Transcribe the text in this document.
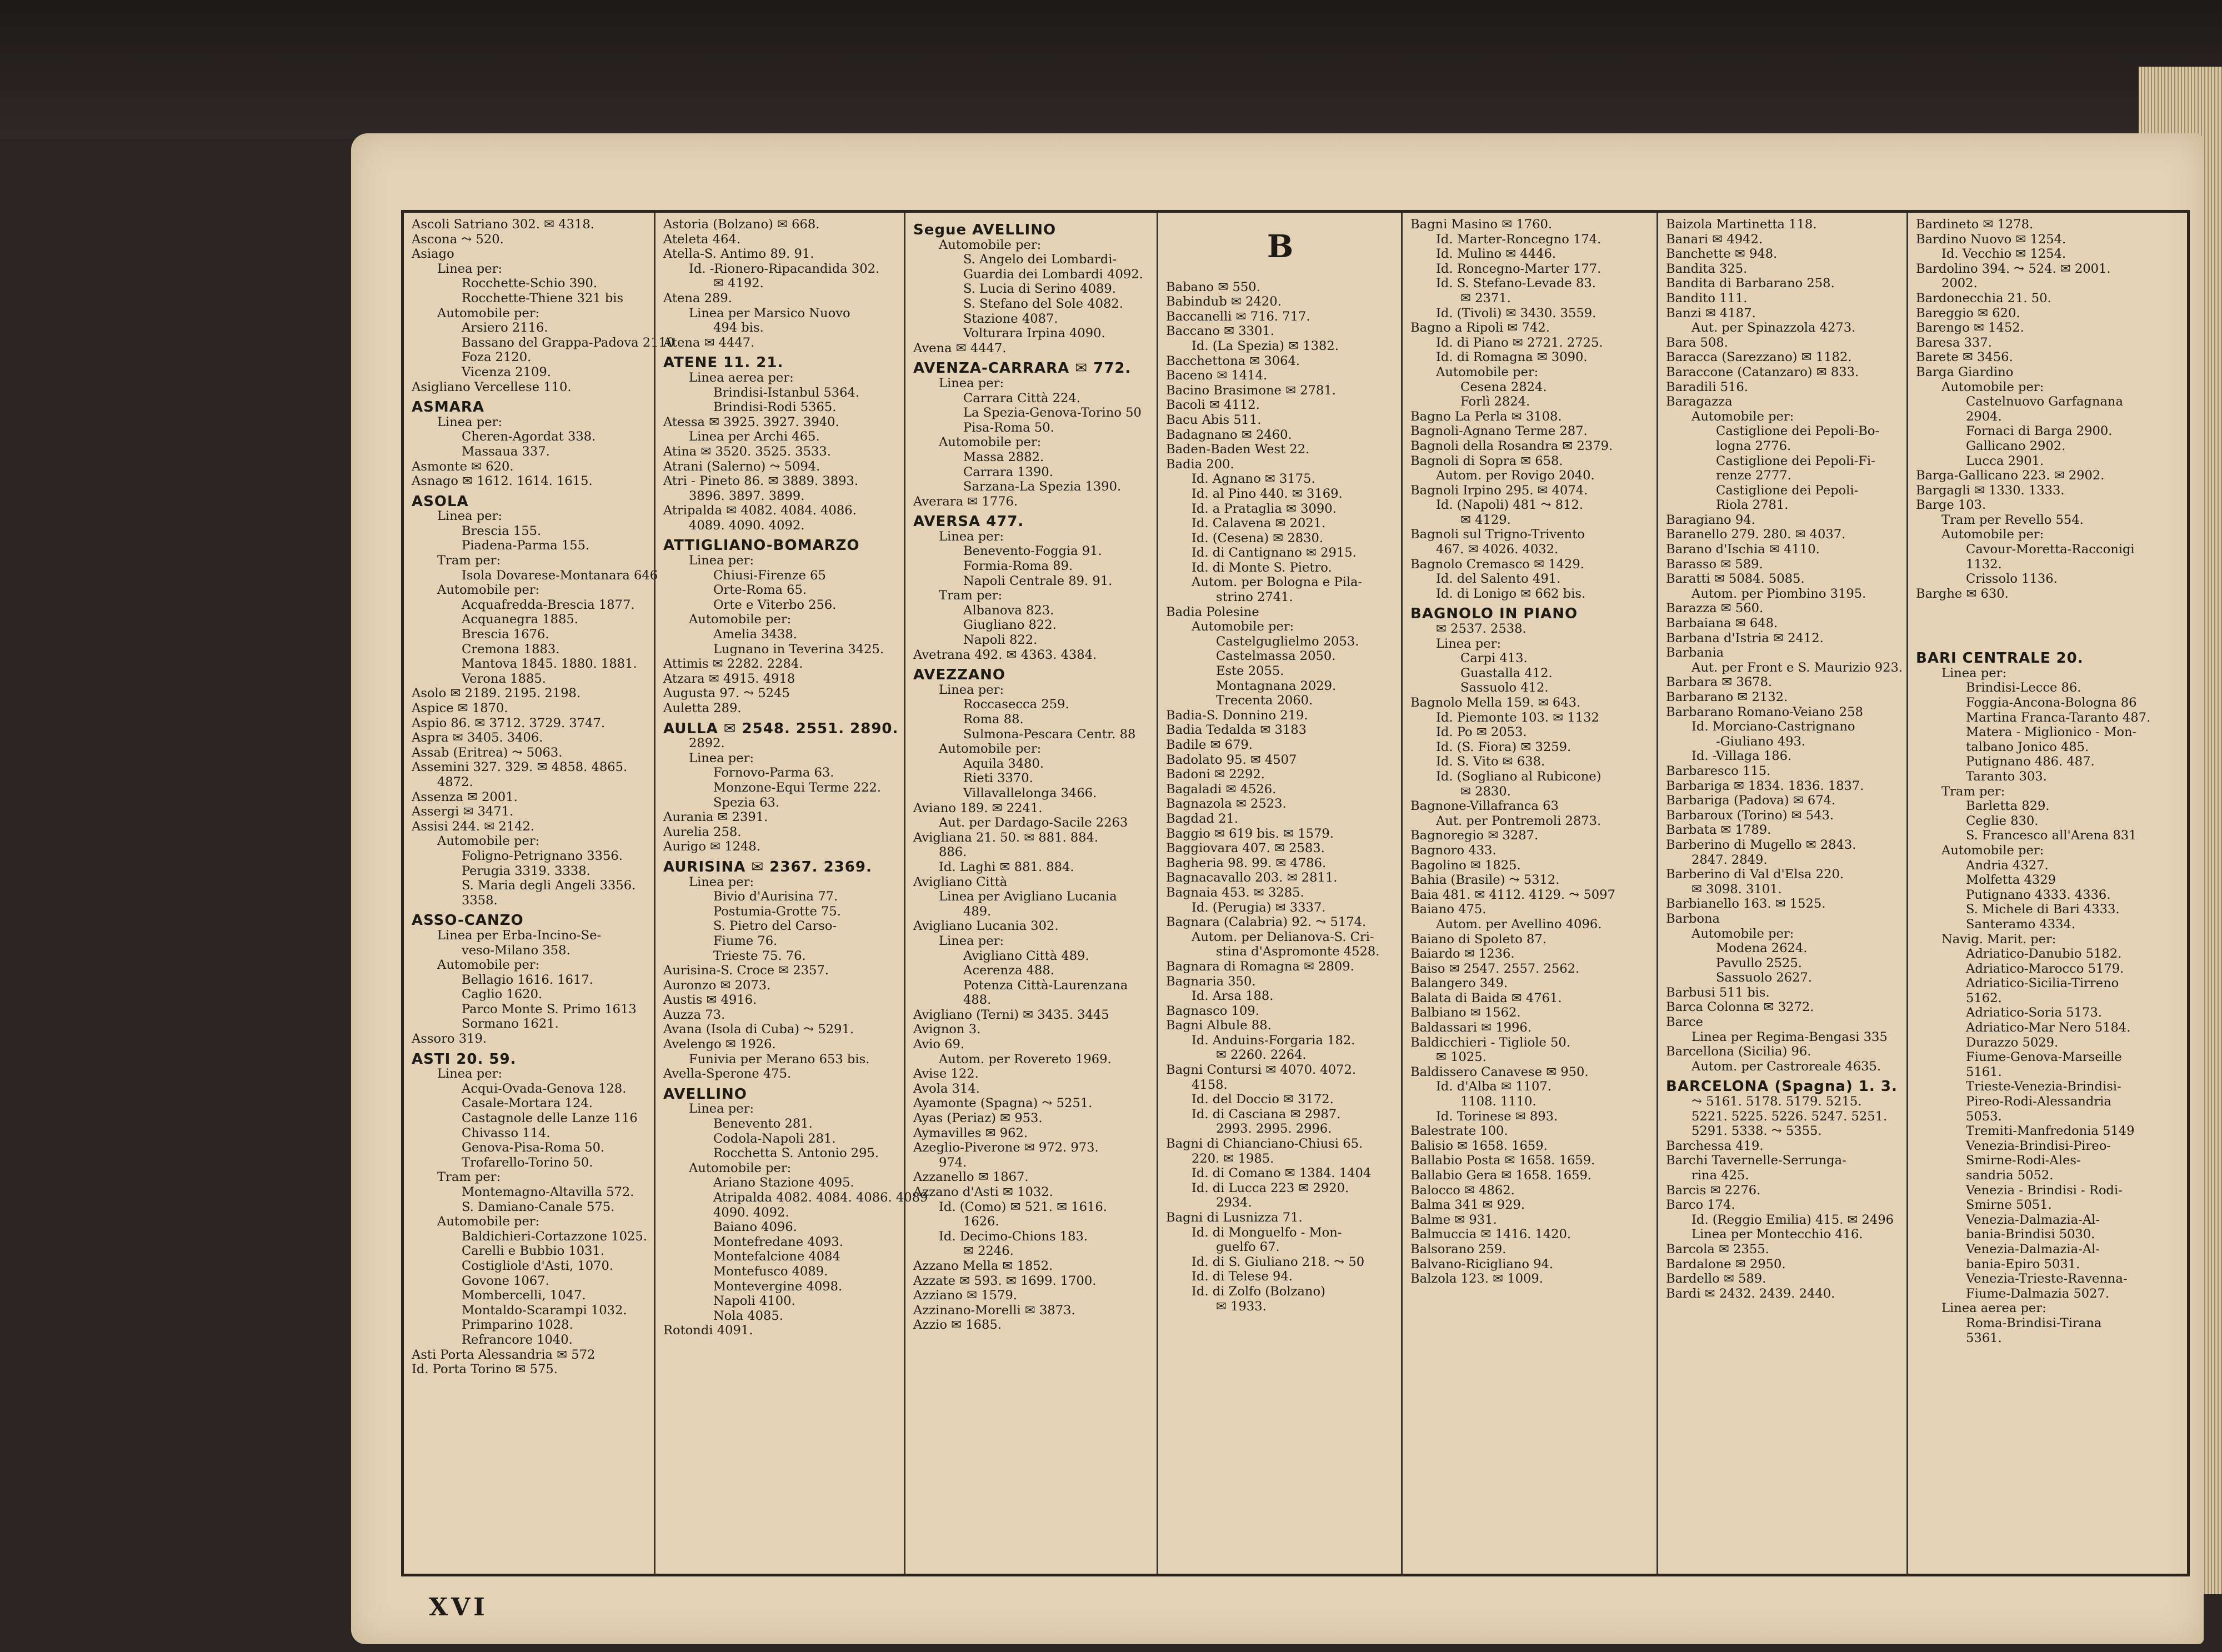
Ascoli Satriano 302. ✉ 4318.
Ascona ⤳ 520.
Asiago
Linea per:
Rocchette-Schio 390.
Rocchette-Thiene 321 bis
Automobile per:
Arsiero 2116.
Bassano del Grappa-Padova 2110
Foza 2120.
Vicenza 2109.
Asigliano Vercellese 110.
ASMARA
Linea per:
Cheren-Agordat 338.
Massaua 337.
Asmonte ✉ 620.
Asnago ✉ 1612. 1614. 1615.
ASOLA
Linea per:
Brescia 155.
Piadena-Parma 155.
Tram per:
Isola Dovarese-Montanara 646
Automobile per:
Acquafredda-Brescia 1877.
Acquanegra 1885.
Brescia 1676.
Cremona 1883.
Mantova 1845. 1880. 1881.
Verona 1885.
Asolo ✉ 2189. 2195. 2198.
Aspice ✉ 1870.
Aspio 86. ✉ 3712. 3729. 3747.
Aspra ✉ 3405. 3406.
Assab (Eritrea) ⤳ 5063.
Assemini 327. 329. ✉ 4858. 4865.
4872.
Assenza ✉ 2001.
Assergi ✉ 3471.
Assisi 244. ✉ 2142.
Automobile per:
Foligno-Petrignano 3356.
Perugia 3319. 3338.
S. Maria degli Angeli 3356.
3358.
ASSO-CANZO
Linea per Erba-Incino-Se-
veso-Milano 358.
Automobile per:
Bellagio 1616. 1617.
Caglio 1620.
Parco Monte S. Primo 1613
Sormano 1621.
Assoro 319.
ASTI 20. 59.
Linea per:
Acqui-Ovada-Genova 128.
Casale-Mortara 124.
Castagnole delle Lanze 116
Chivasso 114.
Genova-Pisa-Roma 50.
Trofarello-Torino 50.
Tram per:
Montemagno-Altavilla 572.
S. Damiano-Canale 575.
Automobile per:
Baldichieri-Cortazzone 1025.
Carelli e Bubbio 1031.
Costigliole d'Asti, 1070.
Govone 1067.
Mombercelli, 1047.
Montaldo-Scarampi 1032.
Primparino 1028.
Refrancore 1040.
Asti Porta Alessandria ✉ 572
Id. Porta Torino ✉ 575.
Astoria (Bolzano) ✉ 668.
Ateleta 464.
Atella-S. Antimo 89. 91.
Id. -Rionero-Ripacandida 302.
✉ 4192.
Atena 289.
Linea per Marsico Nuovo
494 bis.
Atena ✉ 4447.
ATENE 11. 21.
Linea aerea per:
Brindisi-Istanbul 5364.
Brindisi-Rodi 5365.
Atessa ✉ 3925. 3927. 3940.
Linea per Archi 465.
Atina ✉ 3520. 3525. 3533.
Atrani (Salerno) ⤳ 5094.
Atri - Pineto 86. ✉ 3889. 3893.
3896. 3897. 3899.
Atripalda ✉ 4082. 4084. 4086.
4089. 4090. 4092.
ATTIGLIANO-BOMARZO
Linea per:
Chiusi-Firenze 65
Orte-Roma 65.
Orte e Viterbo 256.
Automobile per:
Amelia 3438.
Lugnano in Teverina 3425.
Attimis ✉ 2282. 2284.
Atzara ✉ 4915. 4918
Augusta 97. ⤳ 5245
Auletta 289.
AULLA ✉ 2548. 2551. 2890.
2892.
Linea per:
Fornovo-Parma 63.
Monzone-Equi Terme 222.
Spezia 63.
Aurania ✉ 2391.
Aurelia 258.
Aurigo ✉ 1248.
AURISINA ✉ 2367. 2369.
Linea per:
Bivio d'Aurisina 77.
Postumia-Grotte 75.
S. Pietro del Carso-
Fiume 76.
Trieste 75. 76.
Aurisina-S. Croce ✉ 2357.
Auronzo ✉ 2073.
Austis ✉ 4916.
Auzza 73.
Avana (Isola di Cuba) ⤳ 5291.
Avelengo ✉ 1926.
Funivia per Merano 653 bis.
Avella-Sperone 475.
AVELLINO
Linea per:
Benevento 281.
Codola-Napoli 281.
Rocchetta S. Antonio 295.
Automobile per:
Ariano Stazione 4095.
Atripalda 4082. 4084. 4086. 4089
4090. 4092.
Baiano 4096.
Montefredane 4093.
Montefalcione 4084
Montefusco 4089.
Montevergine 4098.
Napoli 4100.
Nola 4085.
Rotondi 4091.
Segue AVELLINO
Automobile per:
S. Angelo dei Lombardi-
Guardia dei Lombardi 4092.
S. Lucia di Serino 4089.
S. Stefano del Sole 4082.
Stazione 4087.
Volturara Irpina 4090.
Avena ✉ 4447.
AVENZA-CARRARA ✉ 772.
Linea per:
Carrara Città 224.
La Spezia-Genova-Torino 50
Pisa-Roma 50.
Automobile per:
Massa 2882.
Carrara 1390.
Sarzana-La Spezia 1390.
Averara ✉ 1776.
AVERSA 477.
Linea per:
Benevento-Foggia 91.
Formia-Roma 89.
Napoli Centrale 89. 91.
Tram per:
Albanova 823.
Giugliano 822.
Napoli 822.
Avetrana 492. ✉ 4363. 4384.
AVEZZANO
Linea per:
Roccasecca 259.
Roma 88.
Sulmona-Pescara Centr. 88
Automobile per:
Aquila 3480.
Rieti 3370.
Villavallelonga 3466.
Aviano 189. ✉ 2241.
Aut. per Dardago-Sacile 2263
Avigliana 21. 50. ✉ 881. 884.
886.
Id. Laghi ✉ 881. 884.
Avigliano Città
Linea per Avigliano Lucania
489.
Avigliano Lucania 302.
Linea per:
Avigliano Città 489.
Acerenza 488.
Potenza Città-Laurenzana
488.
Avigliano (Terni) ✉ 3435. 3445
Avignon 3.
Avio 69.
Autom. per Rovereto 1969.
Avise 122.
Avola 314.
Ayamonte (Spagna) ⤳ 5251.
Ayas (Periaz) ✉ 953.
Aymavilles ✉ 962.
Azeglio-Piverone ✉ 972. 973.
974.
Azzanello ✉ 1867.
Azzano d'Asti ✉ 1032.
Id. (Como) ✉ 521. ✉ 1616.
1626.
Id. Decimo-Chions 183.
✉ 2246.
Azzano Mella ✉ 1852.
Azzate ✉ 593. ✉ 1699. 1700.
Azziano ✉ 1579.
Azzinano-Morelli ✉ 3873.
Azzio ✉ 1685.
B
Babano ✉ 550.
Babindub ✉ 2420.
Baccanelli ✉ 716. 717.
Baccano ✉ 3301.
Id. (La Spezia) ✉ 1382.
Bacchettona ✉ 3064.
Baceno ✉ 1414.
Bacino Brasimone ✉ 2781.
Bacoli ✉ 4112.
Bacu Abis 511.
Badagnano ✉ 2460.
Baden-Baden West 22.
Badia 200.
Id. Agnano ✉ 3175.
Id. al Pino 440. ✉ 3169.
Id. a Prataglia ✉ 3090.
Id. Calavena ✉ 2021.
Id. (Cesena) ✉ 2830.
Id. di Cantignano ✉ 2915.
Id. di Monte S. Pietro.
Autom. per Bologna e Pila-
strino 2741.
Badia Polesine
Automobile per:
Castelguglielmo 2053.
Castelmassa 2050.
Este 2055.
Montagnana 2029.
Trecenta 2060.
Badia-S. Donnino 219.
Badia Tedalda ✉ 3183
Badile ✉ 679.
Badolato 95. ✉ 4507
Badoni ✉ 2292.
Bagaladi ✉ 4526.
Bagnazola ✉ 2523.
Bagdad 21.
Baggio ✉ 619 bis. ✉ 1579.
Baggiovara 407. ✉ 2583.
Bagheria 98. 99. ✉ 4786.
Bagnacavallo 203. ✉ 2811.
Bagnaia 453. ✉ 3285.
Id. (Perugia) ✉ 3337.
Bagnara (Calabria) 92. ⤳ 5174.
Autom. per Delianova-S. Cri-
stina d'Aspromonte 4528.
Bagnara di Romagna ✉ 2809.
Bagnaria 350.
Id. Arsa 188.
Bagnasco 109.
Bagni Albule 88.
Id. Anduins-Forgaria 182.
✉ 2260. 2264.
Bagni Contursi ✉ 4070. 4072.
4158.
Id. del Doccio ✉ 3172.
Id. di Casciana ✉ 2987.
2993. 2995. 2996.
Bagni di Chianciano-Chiusi 65.
220. ✉ 1985.
Id. di Comano ✉ 1384. 1404
Id. di Lucca 223 ✉ 2920.
2934.
Bagni di Lusnizza 71.
Id. di Monguelfo - Mon-
guelfo 67.
Id. di S. Giuliano 218. ⤳ 50
Id. di Telese 94.
Id. di Zolfo (Bolzano)
✉ 1933.
Bagni Masino ✉ 1760.
Id. Marter-Roncegno 174.
Id. Mulino ✉ 4446.
Id. Roncegno-Marter 177.
Id. S. Stefano-Levade 83.
✉ 2371.
Id. (Tivoli) ✉ 3430. 3559.
Bagno a Ripoli ✉ 742.
Id. di Piano ✉ 2721. 2725.
Id. di Romagna ✉ 3090.
Automobile per:
Cesena 2824.
Forlì 2824.
Bagno La Perla ✉ 3108.
Bagnoli-Agnano Terme 287.
Bagnoli della Rosandra ✉ 2379.
Bagnoli di Sopra ✉ 658.
Autom. per Rovigo 2040.
Bagnoli Irpino 295. ✉ 4074.
Id. (Napoli) 481 ⤳ 812.
✉ 4129.
Bagnoli sul Trigno-Trivento
467. ✉ 4026. 4032.
Bagnolo Cremasco ✉ 1429.
Id. del Salento 491.
Id. di Lonigo ✉ 662 bis.
BAGNOLO IN PIANO
✉ 2537. 2538.
Linea per:
Carpi 413.
Guastalla 412.
Sassuolo 412.
Bagnolo Mella 159. ✉ 643.
Id. Piemonte 103. ✉ 1132
Id. Po ✉ 2053.
Id. (S. Fiora) ✉ 3259.
Id. S. Vito ✉ 638.
Id. (Sogliano al Rubicone)
✉ 2830.
Bagnone-Villafranca 63
Aut. per Pontremoli 2873.
Bagnoregio ✉ 3287.
Bagnoro 433.
Bagolino ✉ 1825.
Bahia (Brasile) ⤳ 5312.
Baia 481. ✉ 4112. 4129. ⤳ 5097
Baiano 475.
Autom. per Avellino 4096.
Baiano di Spoleto 87.
Baiardo ✉ 1236.
Baiso ✉ 2547. 2557. 2562.
Balangero 349.
Balata di Baida ✉ 4761.
Balbiano ✉ 1562.
Baldassari ✉ 1996.
Baldicchieri - Tigliole 50.
✉ 1025.
Baldissero Canavese ✉ 950.
Id. d'Alba ✉ 1107.
1108. 1110.
Id. Torinese ✉ 893.
Balestrate 100.
Balisio ✉ 1658. 1659.
Ballabio Posta ✉ 1658. 1659.
Ballabio Gera ✉ 1658. 1659.
Balocco ✉ 4862.
Balma 341 ✉ 929.
Balme ✉ 931.
Balmuccia ✉ 1416. 1420.
Balsorano 259.
Balvano-Ricigliano 94.
Balzola 123. ✉ 1009.
Baizola Martinetta 118.
Banari ✉ 4942.
Banchette ✉ 948.
Bandita 325.
Bandita di Barbarano 258.
Bandito 111.
Banzi ✉ 4187.
Aut. per Spinazzola 4273.
Bara 508.
Baracca (Sarezzano) ✉ 1182.
Baraccone (Catanzaro) ✉ 833.
Baradili 516.
Baragazza
Automobile per:
Castiglione dei Pepoli-Bo-
logna 2776.
Castiglione dei Pepoli-Fi-
renze 2777.
Castiglione dei Pepoli-
Riola 2781.
Baragiano 94.
Baranello 279. 280. ✉ 4037.
Barano d'Ischia ✉ 4110.
Barasso ✉ 589.
Baratti ✉ 5084. 5085.
Autom. per Piombino 3195.
Barazza ✉ 560.
Barbaiana ✉ 648.
Barbana d'Istria ✉ 2412.
Barbania
Aut. per Front e S. Maurizio 923.
Barbara ✉ 3678.
Barbarano ✉ 2132.
Barbarano Romano-Veiano 258
Id. Morciano-Castrignano
-Giuliano 493.
Id. -Villaga 186.
Barbaresco 115.
Barbariga ✉ 1834. 1836. 1837.
Barbariga (Padova) ✉ 674.
Barbaroux (Torino) ✉ 543.
Barbata ✉ 1789.
Barberino di Mugello ✉ 2843.
2847. 2849.
Barberino di Val d'Elsa 220.
✉ 3098. 3101.
Barbianello 163. ✉ 1525.
Barbona
Automobile per:
Modena 2624.
Pavullo 2525.
Sassuolo 2627.
Barbusi 511 bis.
Barca Colonna ✉ 3272.
Barce
Linea per Regima-Bengasi 335
Barcellona (Sicilia) 96.
Autom. per Castroreale 4635.
BARCELONA (Spagna) 1. 3.
⤳ 5161. 5178. 5179. 5215.
5221. 5225. 5226. 5247. 5251.
5291. 5338. ⤳ 5355.
Barchessa 419.
Barchi Tavernelle-Serrunga-
rina 425.
Barcis ✉ 2276.
Barco 174.
Id. (Reggio Emilia) 415. ✉ 2496
Linea per Montecchio 416.
Barcola ✉ 2355.
Bardalone ✉ 2950.
Bardello ✉ 589.
Bardi ✉ 2432. 2439. 2440.
Bardineto ✉ 1278.
Bardino Nuovo ✉ 1254.
Id. Vecchio ✉ 1254.
Bardolino 394. ⤳ 524. ✉ 2001.
2002.
Bardonecchia 21. 50.
Bareggio ✉ 620.
Barengo ✉ 1452.
Baresa 337.
Barete ✉ 3456.
Barga Giardino
Automobile per:
Castelnuovo Garfagnana
2904.
Fornaci di Barga 2900.
Gallicano 2902.
Lucca 2901.
Barga-Gallicano 223. ✉ 2902.
Bargagli ✉ 1330. 1333.
Barge 103.
Tram per Revello 554.
Automobile per:
Cavour-Moretta-Racconigi
1132.
Crissolo 1136.
Barghe ✉ 630.

BARI CENTRALE 20.
Linea per:
Brindisi-Lecce 86.
Foggia-Ancona-Bologna 86
Martina Franca-Taranto 487.
Matera - Miglionico - Mon-
talbano Jonico 485.
Putignano 486. 487.
Taranto 303.
Tram per:
Barletta 829.
Ceglie 830.
S. Francesco all'Arena 831
Automobile per:
Andria 4327.
Molfetta 4329
Putignano 4333. 4336.
S. Michele di Bari 4333.
Santeramo 4334.
Navig. Marit. per:
Adriatico-Danubio 5182.
Adriatico-Marocco 5179.
Adriatico-Sicilia-Tirreno
5162.
Adriatico-Soria 5173.
Adriatico-Mar Nero 5184.
Durazzo 5029.
Fiume-Genova-Marseille
5161.
Trieste-Venezia-Brindisi-
Pireo-Rodi-Alessandria
5053.
Tremiti-Manfredonia 5149
Venezia-Brindisi-Pireo-
Smirne-Rodi-Ales-
sandria 5052.
Venezia - Brindisi - Rodi-
Smirne 5051.
Venezia-Dalmazia-Al-
bania-Brindisi 5030.
Venezia-Dalmazia-Al-
bania-Epiro 5031.
Venezia-Trieste-Ravenna-
Fiume-Dalmazia 5027.
Linea aerea per:
Roma-Brindisi-Tirana
5361.
XVI
